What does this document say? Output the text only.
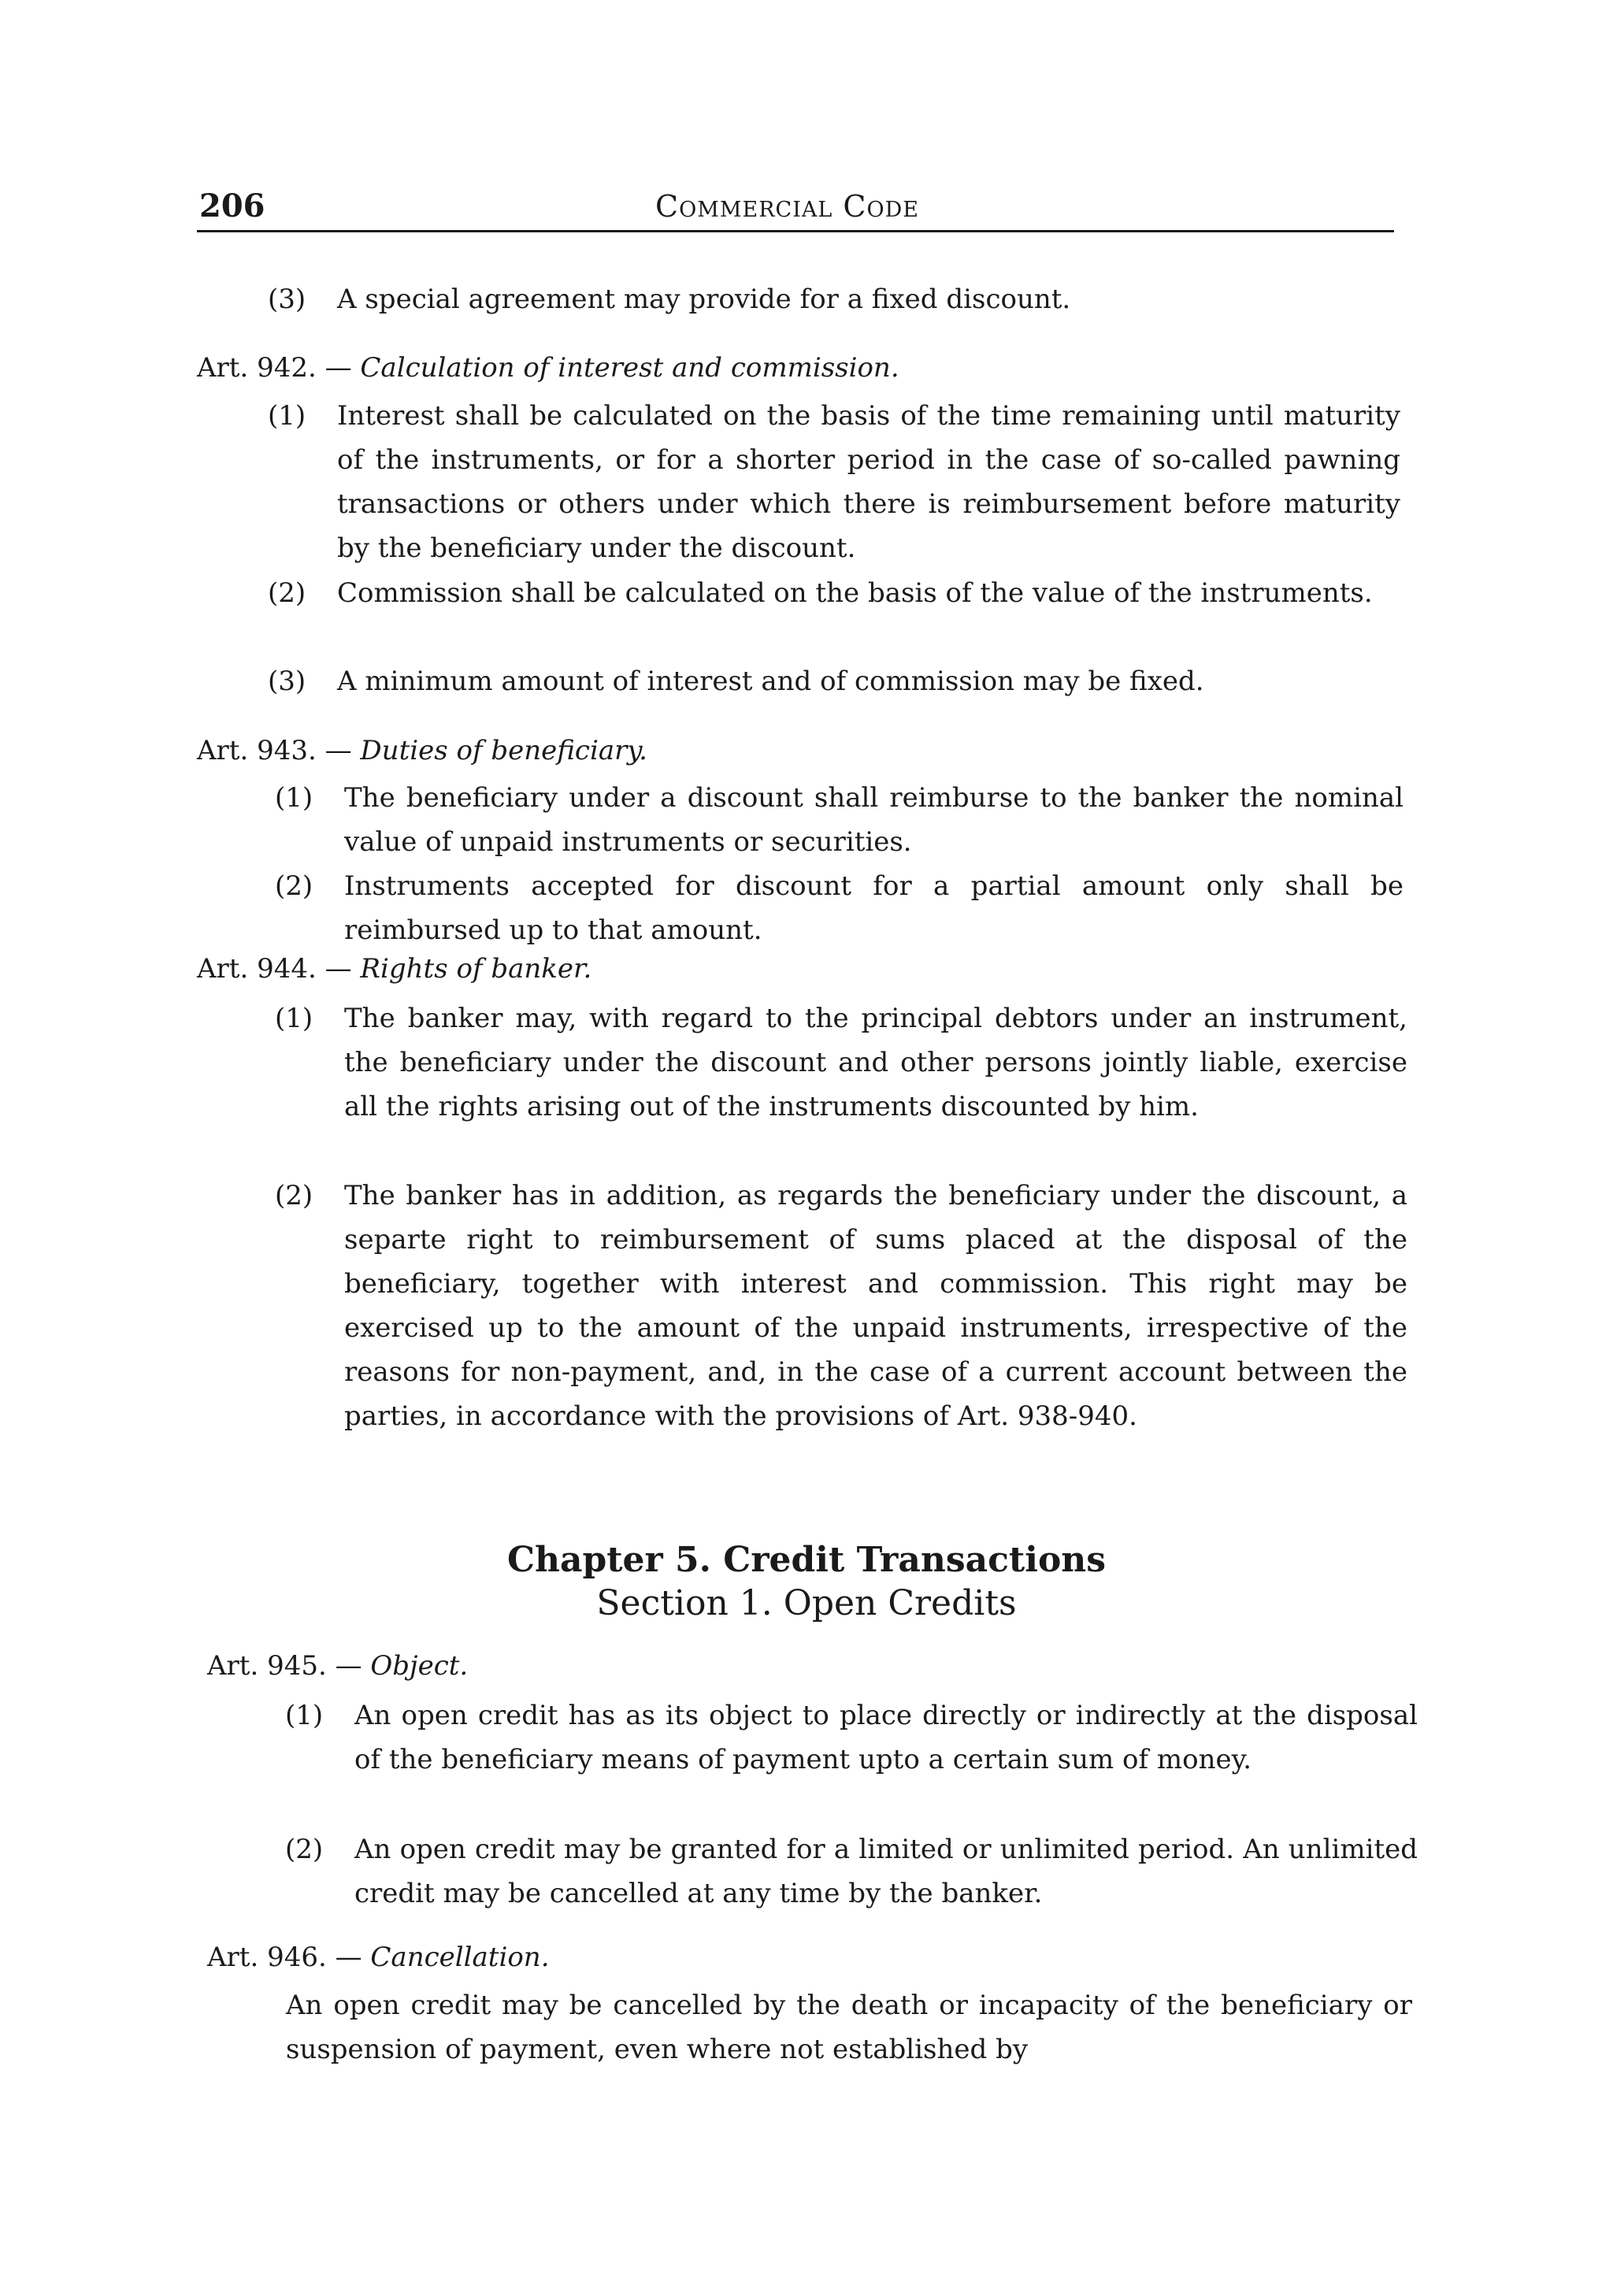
206	Commercial Code
(3) A special agreement may provide for a fixed discount.
Art. 942. — Calculation of interest and commission.
(1) Interest shall be calculated on the basis of the time remaining until maturity of the instruments, or for a shorter period in the case of so-called pawning transactions or others under which there is reimbursement before maturity by the beneficiary under the discount.
(2) Commission shall be calculated on the basis of the value of the instruments.
(3) A minimum amount of interest and of commission may be fixed.
Art. 943. — Duties of beneficiary.
(1) The beneficiary under a discount shall reimburse to the banker the nominal value of unpaid instruments or securities.
(2) Instruments accepted for discount for a partial amount only shall be reimbursed up to that amount.
Art. 944. — Rights of banker.
(1) The banker may, with regard to the principal debtors under an instrument, the beneficiary under the discount and other persons jointly liable, exercise all the rights arising out of the instruments discounted by him.
(2) The banker has in addition, as regards the beneficiary under the discount, a separte right to reimbursement of sums placed at the disposal of the beneficiary, together with interest and commission. This right may be exercised up to the amount of the unpaid instruments, irrespective of the reasons for non-payment, and, in the case of a current account between the parties, in accordance with the provisions of Art. 938-940.
Chapter 5. Credit Transactions
Section 1. Open Credits
Art. 945. — Object.
(1) An open credit has as its object to place directly or indirectly at the disposal of the beneficiary means of payment upto a certain sum of money.
(2) An open credit may be granted for a limited or unlimited period. An unlimited credit may be cancelled at any time by the banker.
Art. 946. — Cancellation.
An open credit may be cancelled by the death or incapacity of the beneficiary or suspension of payment, even where not established by
